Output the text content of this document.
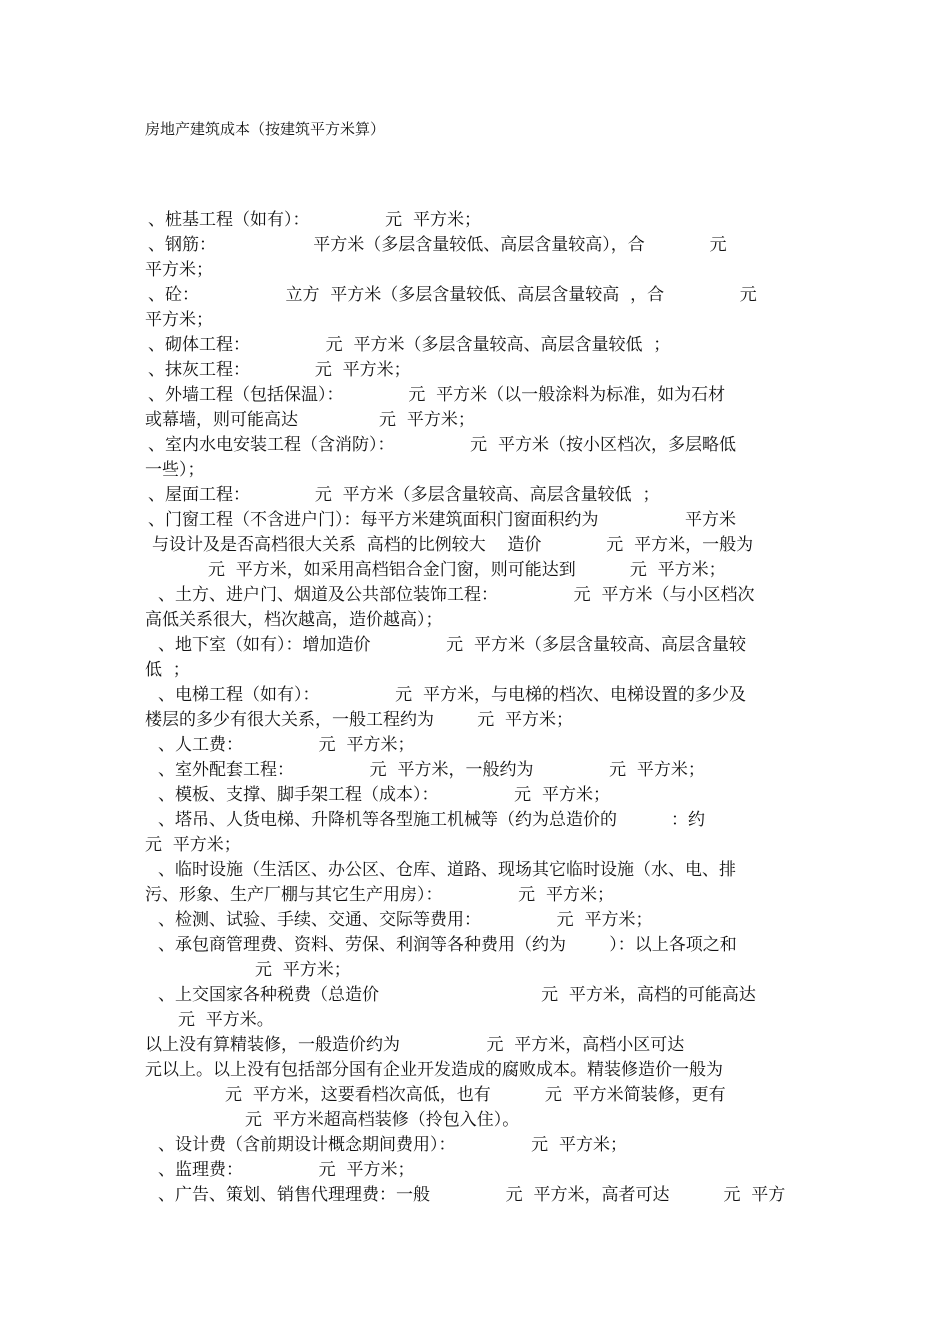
房地产建筑成本（按建筑平方米算）
、桩基工程（如有）：              元  平方米；
、钢筋：                  平方米（多层含量较低、高层含量较高），合            元
平方米；
、砼：                立方  平方米（多层含量较低、高层含量较高  ，合              元
平方米；
、砌体工程：              元  平方米（多层含量较高、高层含量较低  ；
、抹灰工程：            元  平方米；
、外墙工程（包括保温）：            元  平方米（以一般涂料为标准，如为石材
或幕墙，则可能高达               元  平方米；
、室内水电安装工程（含消防）：              元  平方米（按小区档次，多层略低
一些）；
、屋面工程：            元  平方米（多层含量较高、高层含量较低  ；
、门窗工程（不含进户门）：每平方米建筑面积门窗面积约为                平方米
与设计及是否高档很大关系  高档的比例较大    造价            元  平方米，一般为
元  平方米，如采用高档铝合金门窗，则可能达到          元  平方米；
、土方、进户门、烟道及公共部位装饰工程：              元  平方米（与小区档次
高低关系很大，档次越高，造价越高）；
、地下室（如有）：增加造价              元  平方米（多层含量较高、高层含量较
低  ；
、电梯工程（如有）：              元  平方米，与电梯的档次、电梯设置的多少及
楼层的多少有很大关系，一般工程约为        元  平方米；
、人工费：              元  平方米；
、室外配套工程：              元  平方米，一般约为              元  平方米；
、模板、支撑、脚手架工程（成本）：              元  平方米；
、塔吊、人货电梯、升降机等各型施工机械等（约为总造价的          ：约
元  平方米；
、临时设施（生活区、办公区、仓库、道路、现场其它临时设施（水、电、排
污、形象、生产厂棚与其它生产用房）：              元  平方米；
、检测、试验、手续、交通、交际等费用：              元  平方米；
、承包商管理费、资料、劳保、利润等各种费用（约为        ）：以上各项之和
元  平方米；
、上交国家各种税费（总造价                              元  平方米，高档的可能高达
元  平方米。
以上没有算精装修，一般造价约为                元  平方米，高档小区可达
元以上。以上没有包括部分国有企业开发造成的腐败成本。精装修造价一般为
元  平方米，这要看档次高低，也有          元  平方米简装修，更有
元  平方米超高档装修（拎包入住）。
、设计费（含前期设计概念期间费用）：              元  平方米；
、监理费：              元  平方米；
、广告、策划、销售代理理费：一般              元  平方米，高者可达          元  平方
